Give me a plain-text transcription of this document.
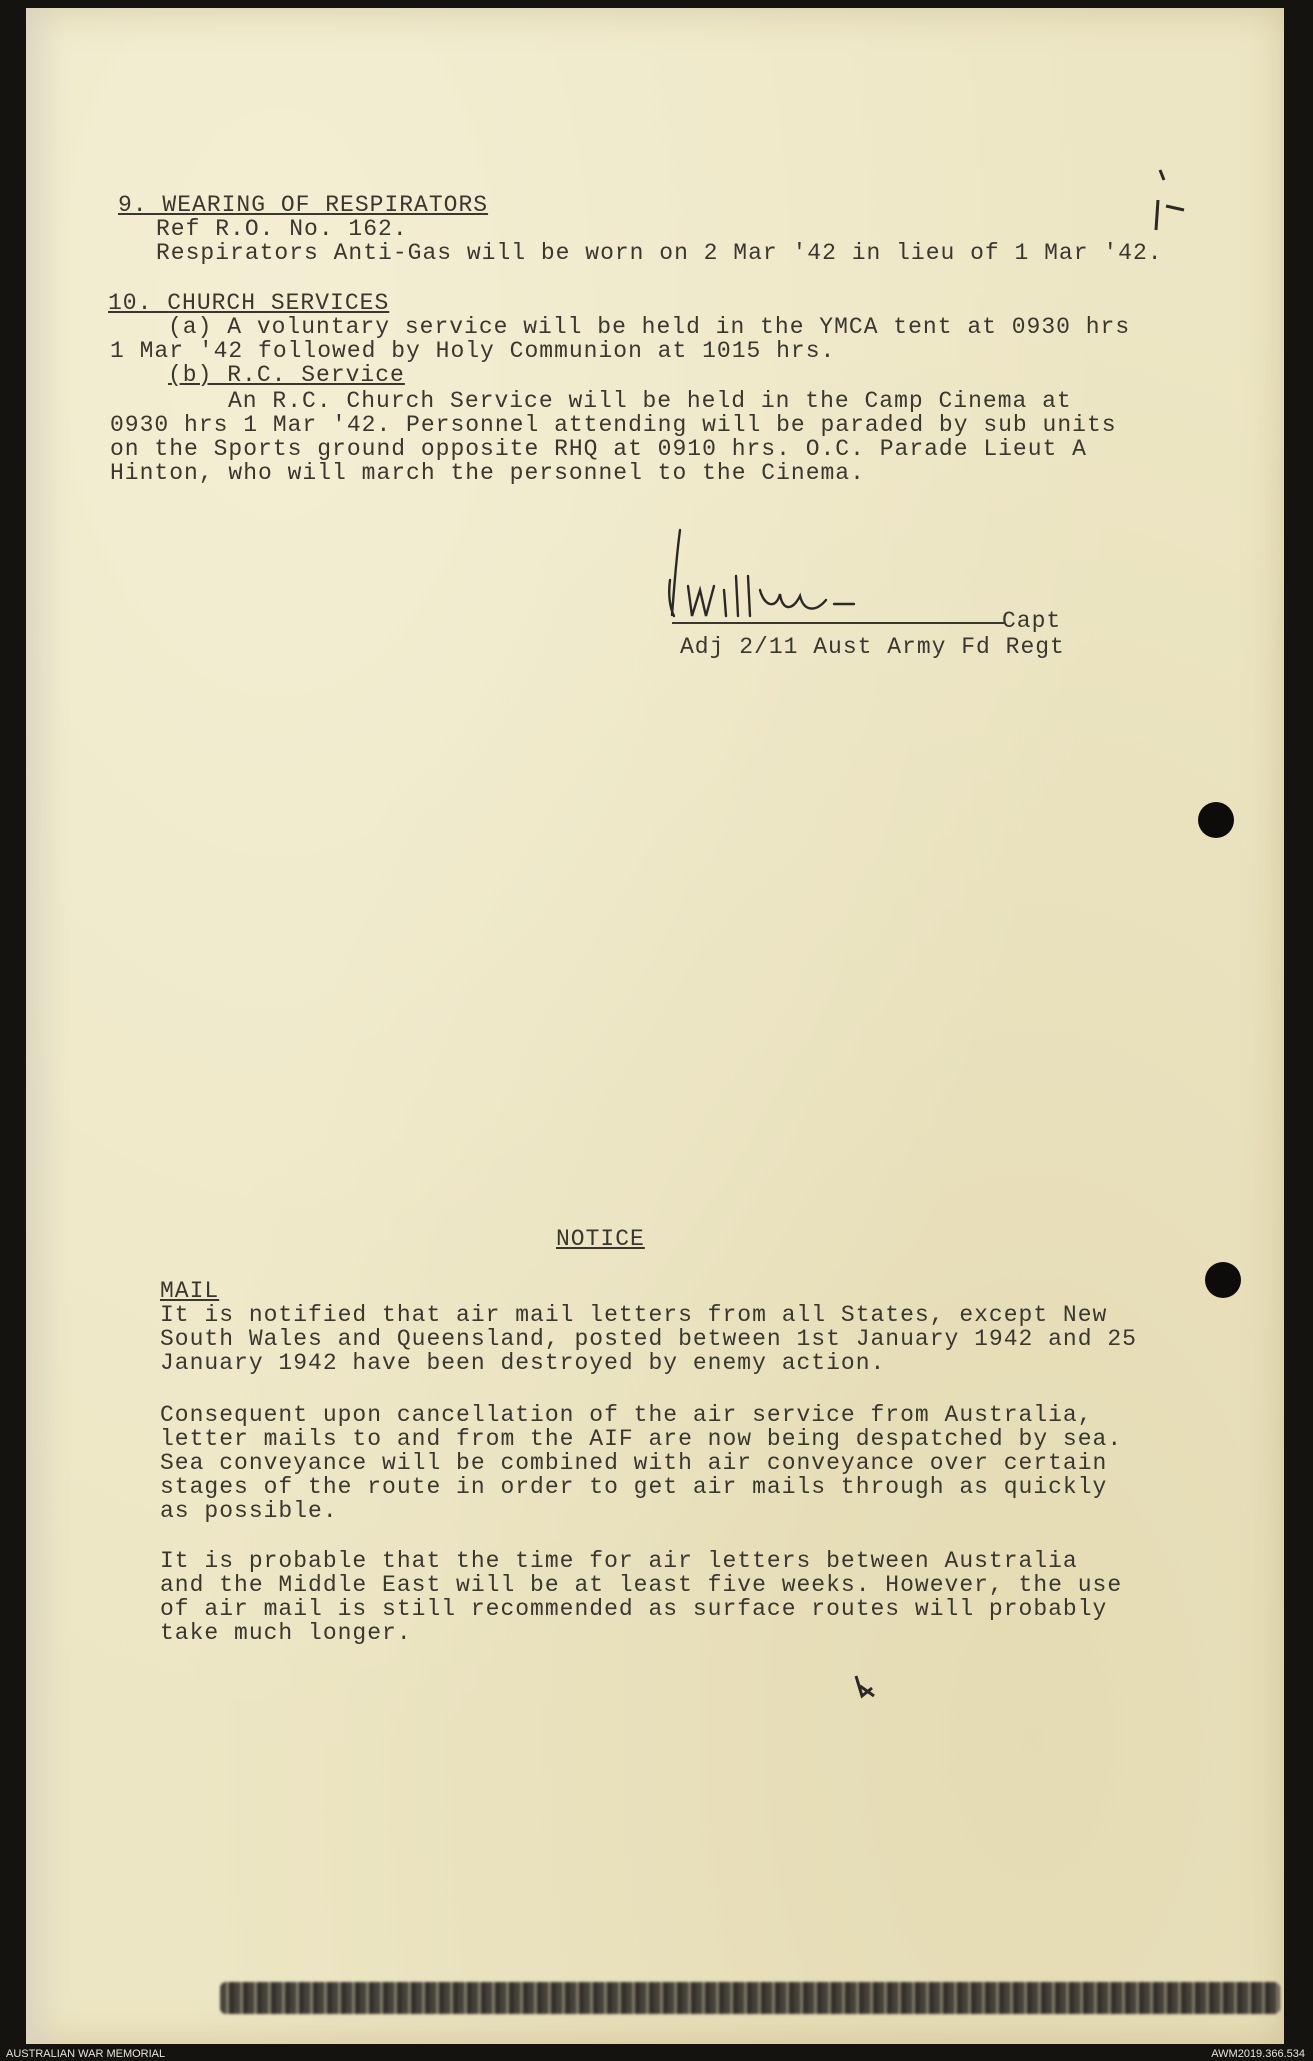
9. WEARING OF RESPIRATORS
Ref R.O. No. 162.
Respirators Anti-Gas will be worn on 2 Mar '42 in lieu of 1 Mar '42.
10. CHURCH SERVICES
(a) A voluntary service will be held in the YMCA tent at 0930 hrs
1 Mar '42 followed by Holy Communion at 1015 hrs.
(b) R.C. Service
An R.C. Church Service will be held in the Camp Cinema at
0930 hrs 1 Mar '42. Personnel attending will be paraded by sub units
on the Sports ground opposite RHQ at 0910 hrs. O.C. Parade Lieut A
Hinton, who will march the personnel to the Cinema.
Capt
Adj 2/11 Aust Army Fd Regt
NOTICE
MAIL
It is notified that air mail letters from all States, except New
South Wales and Queensland, posted between 1st January 1942 and 25
January 1942 have been destroyed by enemy action.
Consequent upon cancellation of the air service from Australia,
letter mails to and from the AIF are now being despatched by sea.
Sea conveyance will be combined with air conveyance over certain
stages of the route in order to get air mails through as quickly
as possible.
It is probable that the time for air letters between Australia
and the Middle East will be at least five weeks. However, the use
of air mail is still recommended as surface routes will probably
take much longer.
AUSTRALIAN WAR MEMORIAL	AWM2019.366.534
